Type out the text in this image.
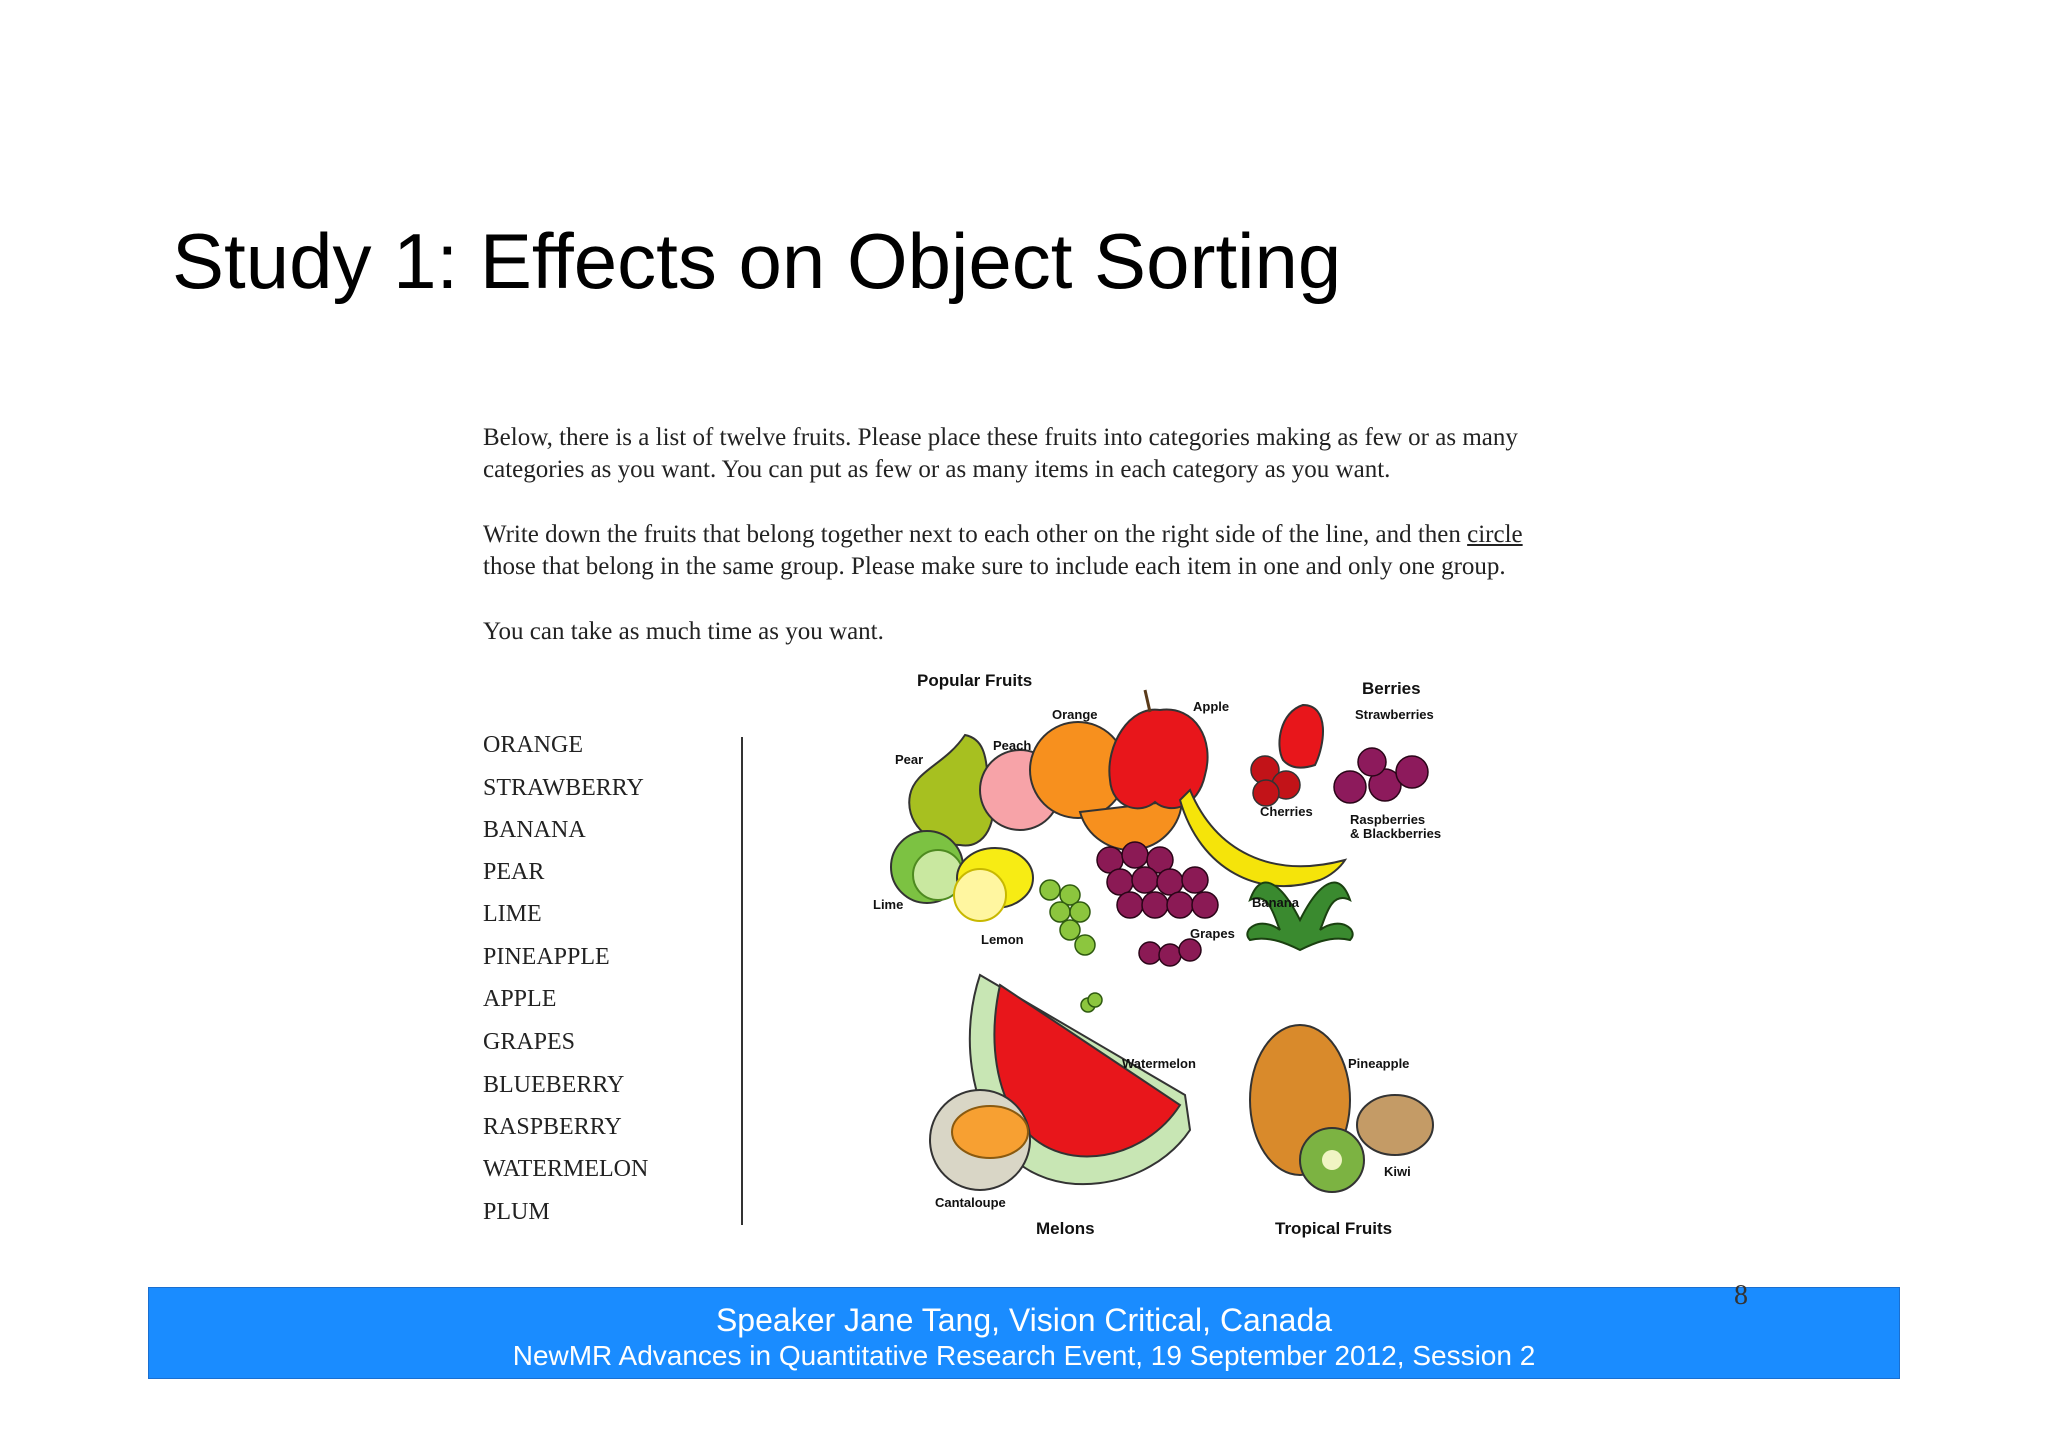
Study 1: Effects on Object Sorting
Below, there is a list of twelve fruits. Please place these fruits into categories making as few or as many
categories as you want. You can put as few or as many items in each category as you want.
Write down the fruits that belong together next to each other on the right side of the line, and then circle
those that belong in the same group. Please make sure to include each item in one and only one group.
You can take as much time as you want.
ORANGE
STRAWBERRY
BANANA
PEAR
LIME
PINEAPPLE
APPLE
GRAPES
BLUEBERRY
RASPBERRY
WATERMELON
PLUM
Popular Fruits	Berries
Melons	Tropical Fruits
Orange
Apple
Peach
Pear
Strawberries
Cherries
Raspberries
& Blackberries
Lime
Lemon	Grapes
Banana
Watermelon	Pineapple
Kiwi
Cantaloupe
Speaker Jane Tang, Vision Critical, Canada
NewMR Advances in Quantitative Research Event, 19 September 2012, Session 2
8
